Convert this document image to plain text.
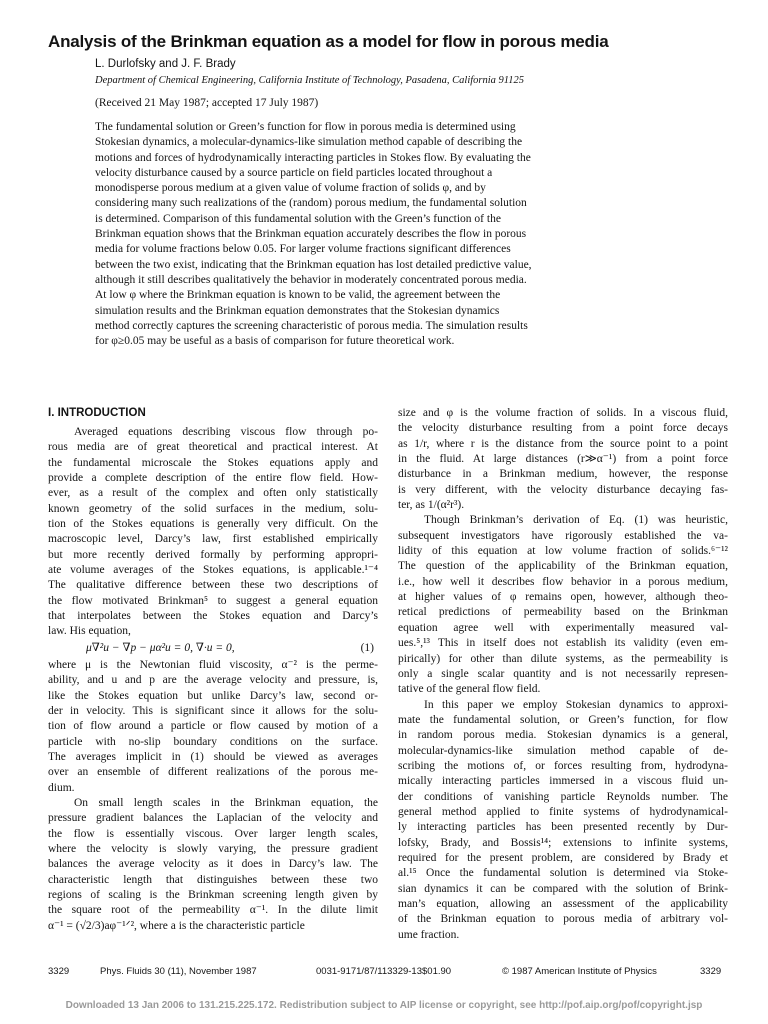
Analysis of the Brinkman equation as a model for flow in porous media
L. Durlofsky and J. F. Brady
Department of Chemical Engineering, California Institute of Technology, Pasadena, California 91125
(Received 21 May 1987; accepted 17 July 1987)
The fundamental solution or Green’s function for flow in porous media is determined using
Stokesian dynamics, a molecular-dynamics-like simulation method capable of describing the
motions and forces of hydrodynamically interacting particles in Stokes flow. By evaluating the
velocity disturbance caused by a source particle on field particles located throughout a
monodisperse porous medium at a given value of volume fraction of solids φ, and by
considering many such realizations of the (random) porous medium, the fundamental solution
is determined. Comparison of this fundamental solution with the Green’s function of the
Brinkman equation shows that the Brinkman equation accurately describes the flow in porous
media for volume fractions below 0.05. For larger volume fractions significant differences
between the two exist, indicating that the Brinkman equation has lost detailed predictive value,
although it still describes qualitatively the behavior in moderately concentrated porous media.
At low φ where the Brinkman equation is known to be valid, the agreement between the
simulation results and the Brinkman equation demonstrates that the Stokesian dynamics
method correctly captures the screening characteristic of porous media. The simulation results
for φ≥0.05 may be useful as a basis of comparison for future theoretical work.
I. INTRODUCTION
Averaged equations describing viscous flow through po-
rous media are of great theoretical and practical interest. At
the fundamental microscale the Stokes equations apply and
provide a complete description of the entire flow field. How-
ever, as a result of the complex and often only statistically
known geometry of the solid surfaces in the medium, solu-
tion of the Stokes equations is generally very difficult. On the
macroscopic level, Darcy’s law, first established empirically
but more recently derived formally by performing appropri-
ate volume averages of the Stokes equations, is applicable.¹⁻⁴
The qualitative difference between these two descriptions of
the flow motivated Brinkman⁵ to suggest a general equation
that interpolates between the Stokes equation and Darcy’s
law. His equation,
μ∇²u − ∇p − μα²u = 0, ∇·u = 0,	(1)
where μ is the Newtonian fluid viscosity, α⁻² is the perme-
ability, and u and p are the average velocity and pressure, is,
like the Stokes equation but unlike Darcy’s law, second or-
der in velocity. This is significant since it allows for the solu-
tion of flow around a particle or flow caused by motion of a
particle with no-slip boundary conditions on the surface.
The averages implicit in (1) should be viewed as averages
over an ensemble of different realizations of the porous me-
dium.
On small length scales in the Brinkman equation, the
pressure gradient balances the Laplacian of the velocity and
the flow is essentially viscous. Over larger length scales,
where the velocity is slowly varying, the pressure gradient
balances the average velocity as it does in Darcy’s law. The
characteristic length that distinguishes between these two
regions of scaling is the Brinkman screening length given by
the square root of the permeability α⁻¹. In the dilute limit
α⁻¹ = (√2/3)aφ⁻¹ᐟ², where a is the characteristic particle
size and φ is the volume fraction of solids. In a viscous fluid,
the velocity disturbance resulting from a point force decays
as 1/r, where r is the distance from the source point to a point
in the fluid. At large distances (r≫α⁻¹) from a point force
disturbance in a Brinkman medium, however, the response
is very different, with the velocity disturbance decaying fas-
ter, as 1/(α²r³).
Though Brinkman’s derivation of Eq. (1) was heuristic,
subsequent investigators have rigorously established the va-
lidity of this equation at low volume fraction of solids.⁶⁻¹²
The question of the applicability of the Brinkman equation,
i.e., how well it describes flow behavior in a porous medium,
at higher values of φ remains open, however, although theo-
retical predictions of permeability based on the Brinkman
equation agree well with experimentally measured val-
ues.⁵,¹³ This in itself does not establish its validity (even em-
pirically) for other than dilute systems, as the permeability is
only a single scalar quantity and is not necessarily represen-
tative of the general flow field.
In this paper we employ Stokesian dynamics to approxi-
mate the fundamental solution, or Green’s function, for flow
in random porous media. Stokesian dynamics is a general,
molecular-dynamics-like simulation method capable of de-
scribing the motions of, or forces resulting from, hydrodyna-
mically interacting particles immersed in a viscous fluid un-
der conditions of vanishing particle Reynolds number. The
general method applied to finite systems of hydrodynamical-
ly interacting particles has been presented recently by Dur-
lofsky, Brady, and Bossis¹⁴; extensions to infinite systems,
required for the present problem, are considered by Brady et
al.¹⁵ Once the fundamental solution is determined via Stoke-
sian dynamics it can be compared with the solution of Brink-
man’s equation, allowing an assessment of the applicability
of the Brinkman equation to porous media of arbitrary vol-
ume fraction.
3329	Phys. Fluids 30 (11), November 1987	0031-9171/87/113329-13$01.90	© 1987 American Institute of Physics	3329
Downloaded 13 Jan 2006 to 131.215.225.172. Redistribution subject to AIP license or copyright, see http://pof.aip.org/pof/copyright.jsp
